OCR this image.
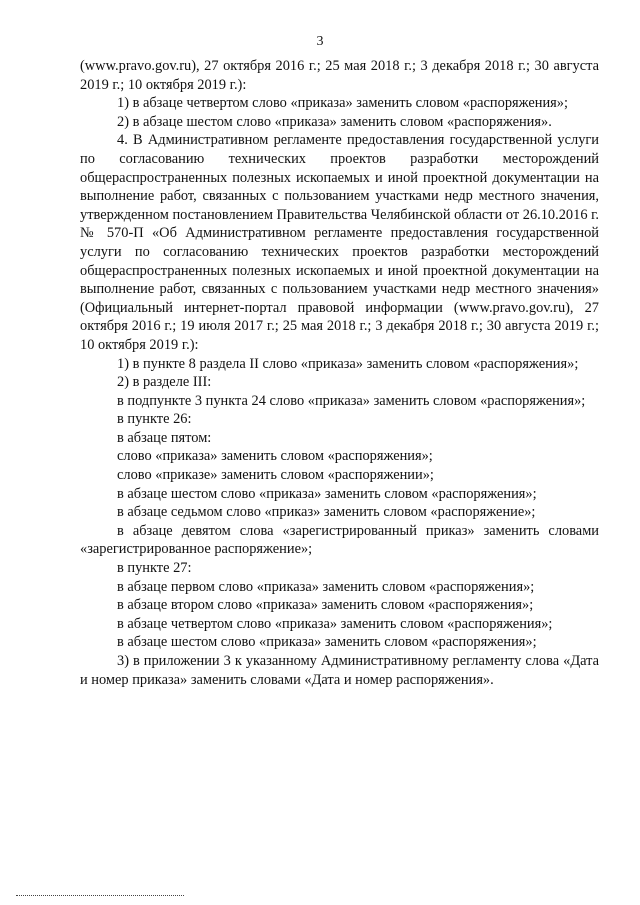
3

(www.pravo.gov.ru), 27 октября 2016 г.; 25 мая 2018 г.; 3 декабря 2018 г.; 30 августа 2019 г.; 10 октября 2019 г.):

1) в абзаце четвертом слово «приказа» заменить словом «распоряжения»;

2) в абзаце шестом слово «приказа» заменить словом «распоряжения».

4. В Административном регламенте предоставления государственной услуги по согласованию технических проектов разработки месторождений общераспространенных полезных ископаемых и иной проектной документации на выполнение работ, связанных с пользованием участками недр местного значения, утвержденном постановлением Правительства Челябинской области от 26.10.2016 г. № 570-П «Об Административном регламенте предоставления государственной услуги по согласованию технических проектов разработки месторождений общераспространенных полезных ископаемых и иной проектной документации на выполнение работ, связанных с пользованием участками недр местного значения» (Официальный интернет-портал правовой информации (www.pravo.gov.ru), 27 октября 2016 г.; 19 июля 2017 г.; 25 мая 2018 г.; 3 декабря 2018 г.; 30 августа 2019 г.; 10 октября 2019 г.):

1) в пункте 8 раздела II слово «приказа» заменить словом «распоряжения»;

2) в разделе III:

в подпункте 3 пункта 24 слово «приказа» заменить словом «распоряжения»;

в пункте 26:

в абзаце пятом:

слово «приказа» заменить словом «распоряжения»;

слово «приказе» заменить словом «распоряжении»;

в абзаце шестом слово «приказа» заменить словом «распоряжения»;

в абзаце седьмом слово «приказ» заменить словом «распоряжение»;

в абзаце девятом слова «зарегистрированный приказ» заменить словами «зарегистрированное распоряжение»;

в пункте 27:

в абзаце первом слово «приказа» заменить словом «распоряжения»;

в абзаце втором слово «приказа» заменить словом «распоряжения»;

в абзаце четвертом слово «приказа» заменить словом «распоряжения»;

в абзаце шестом слово «приказа» заменить словом «распоряжения»;

3) в приложении 3 к указанному Административному регламенту слова «Дата и номер приказа» заменить словами «Дата и номер распоряжения».
